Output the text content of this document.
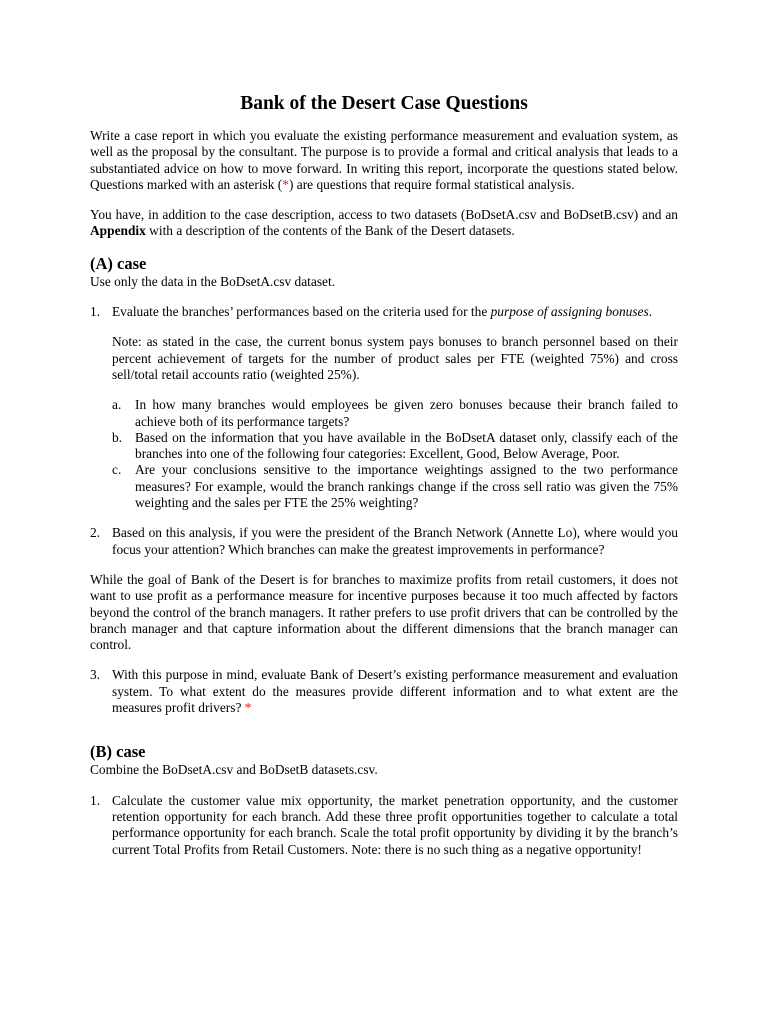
Bank of the Desert Case Questions

Write a case report in which you evaluate the existing performance measurement and evaluation system, as well as the proposal by the consultant. The purpose is to provide a formal and critical analysis that leads to a substantiated advice on how to move forward. In writing this report, incorporate the questions stated below. Questions marked with an asterisk (*) are questions that require formal statistical analysis.

You have, in addition to the case description, access to two datasets (BoDsetA.csv and BoDsetB.csv) and an Appendix with a description of the contents of the Bank of the Desert datasets.

(A) case

Use only the data in the BoDsetA.csv dataset.

1. Evaluate the branches’ performances based on the criteria used for the purpose of assigning bonuses.

Note: as stated in the case, the current bonus system pays bonuses to branch personnel based on their percent achievement of targets for the number of product sales per FTE (weighted 75%) and cross sell/total retail accounts ratio (weighted 25%).

a.	In how many branches would employees be given zero bonuses because their branch failed to achieve both of its performance targets?
b. Based on the information that you have available in the BoDsetA dataset only, classify each of the branches into one of the following four categories: Excellent, Good, Below Average, Poor.
c.	Are your conclusions sensitive to the importance weightings assigned to the two performance measures? For example, would the branch rankings change if the cross sell ratio was given the 75% weighting and the sales per FTE the 25% weighting?
2. Based on this analysis, if you were the president of the Branch Network (Annette Lo), where would you focus your attention? Which branches can make the greatest improvements in performance?

While the goal of Bank of the Desert is for branches to maximize profits from retail customers, it does not want to use profit as a performance measure for incentive purposes because it too much affected by factors beyond the control of the branch managers. It rather prefers to use profit drivers that can be controlled by the branch manager and that capture information about the different dimensions that the branch manager can control.

3. With this purpose in mind, evaluate Bank of Desert’s existing performance measurement and evaluation system. To what extent do the measures provide different information and to what extent are the measures profit drivers? *
(B) case

Combine the BoDsetA.csv and BoDsetB datasets.csv.

1. Calculate the customer value mix opportunity, the market penetration opportunity, and the customer retention opportunity for each branch. Add these three profit opportunities together to calculate a total performance opportunity for each branch. Scale the total profit opportunity by dividing it by the branch’s current Total Profits from Retail Customers. Note: there is no such thing as a negative opportunity!
